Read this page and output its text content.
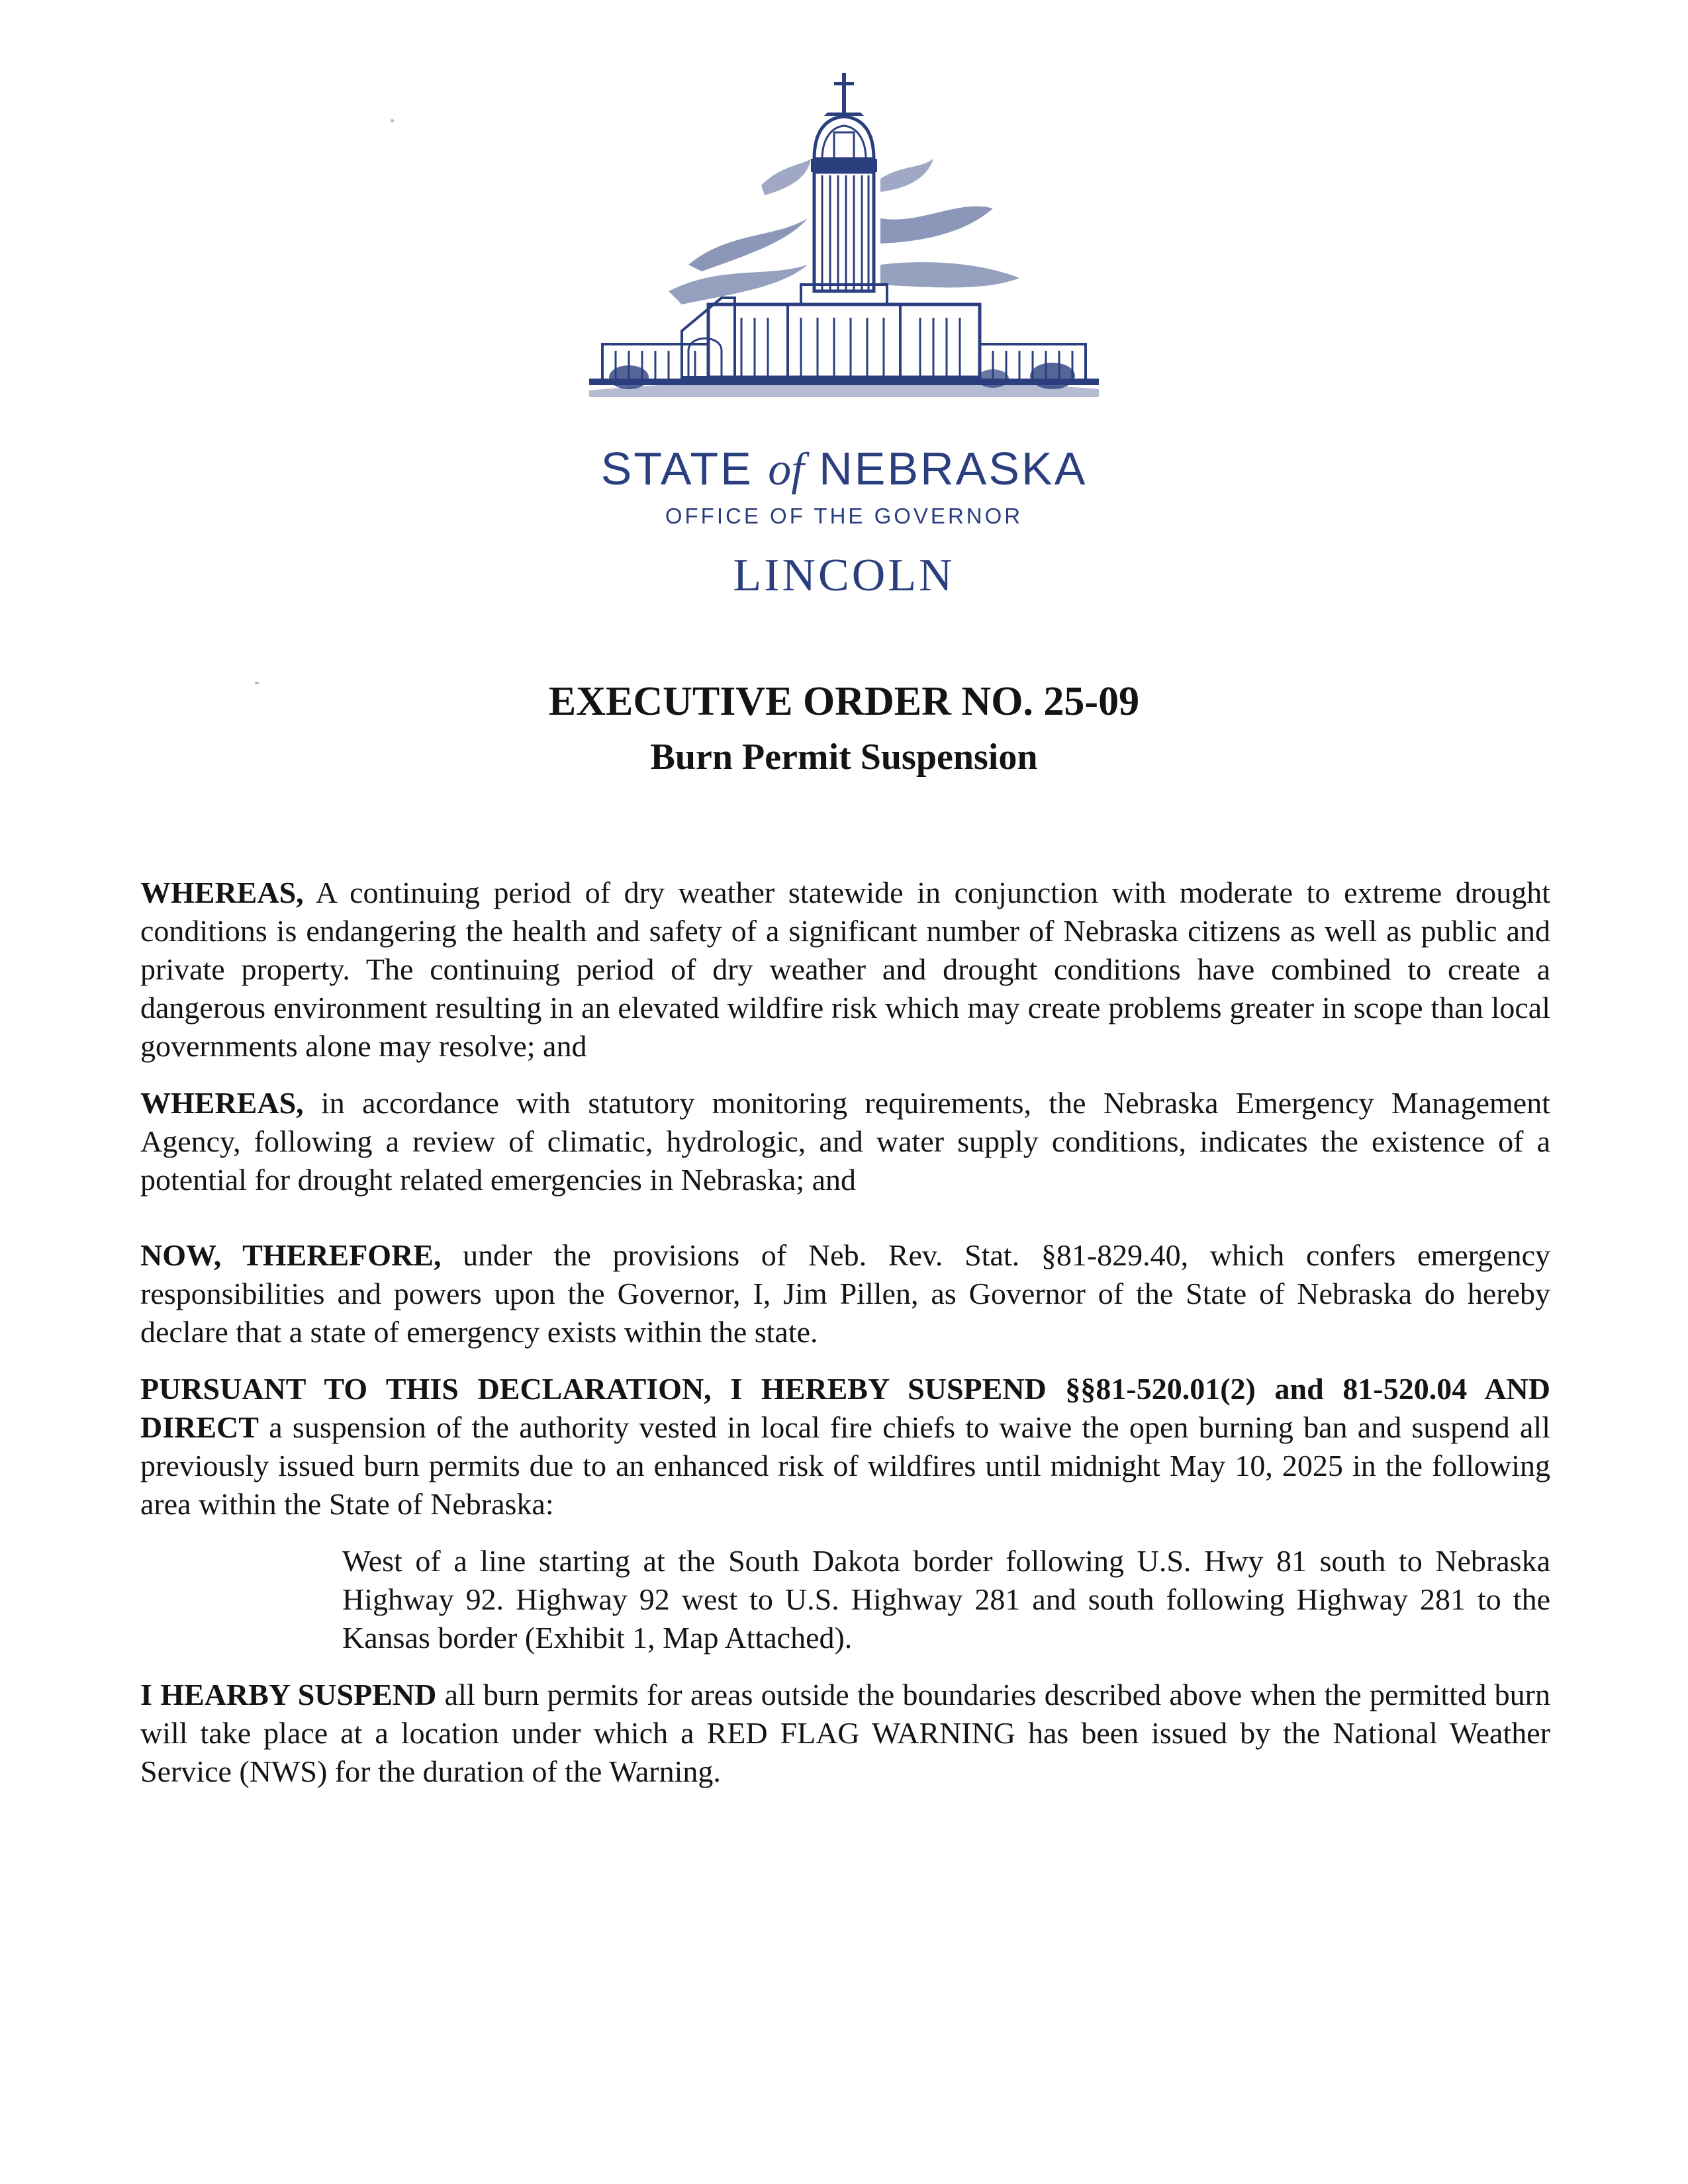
STATE of NEBRASKA
OFFICE OF THE GOVERNOR
LINCOLN
EXECUTIVE ORDER NO. 25-09
Burn Permit Suspension

WHEREAS, A continuing period of dry weather statewide in conjunction with moderate to extreme drought conditions is endangering the health and safety of a significant number of Nebraska citizens as well as public and private property. The continuing period of dry weather and drought conditions have combined to create a dangerous environment resulting in an elevated wildfire risk which may create problems greater in scope than local governments alone may resolve; and

WHEREAS, in accordance with statutory monitoring requirements, the Nebraska Emergency Management Agency, following a review of climatic, hydrologic, and water supply conditions, indicates the existence of a potential for drought related emergencies in Nebraska; and

NOW, THEREFORE, under the provisions of Neb. Rev. Stat. §81-829.40, which confers emergency responsibilities and powers upon the Governor, I, Jim Pillen, as Governor of the State of Nebraska do hereby declare that a state of emergency exists within the state.

PURSUANT TO THIS DECLARATION, I HEREBY SUSPEND §§81-520.01(2) and 81-520.04 AND DIRECT a suspension of the authority vested in local fire chiefs to waive the open burning ban and suspend all previously issued burn permits due to an enhanced risk of wildfires until midnight May 10, 2025 in the following area within the State of Nebraska:

West of a line starting at the South Dakota border following U.S. Hwy 81 south to Nebraska Highway 92. Highway 92 west to U.S. Highway 281 and south following Highway 281 to the Kansas border (Exhibit 1, Map Attached).

I HEARBY SUSPEND all burn permits for areas outside the boundaries described above when the permitted burn will take place at a location under which a RED FLAG WARNING has been issued by the National Weather Service (NWS) for the duration of the Warning.
